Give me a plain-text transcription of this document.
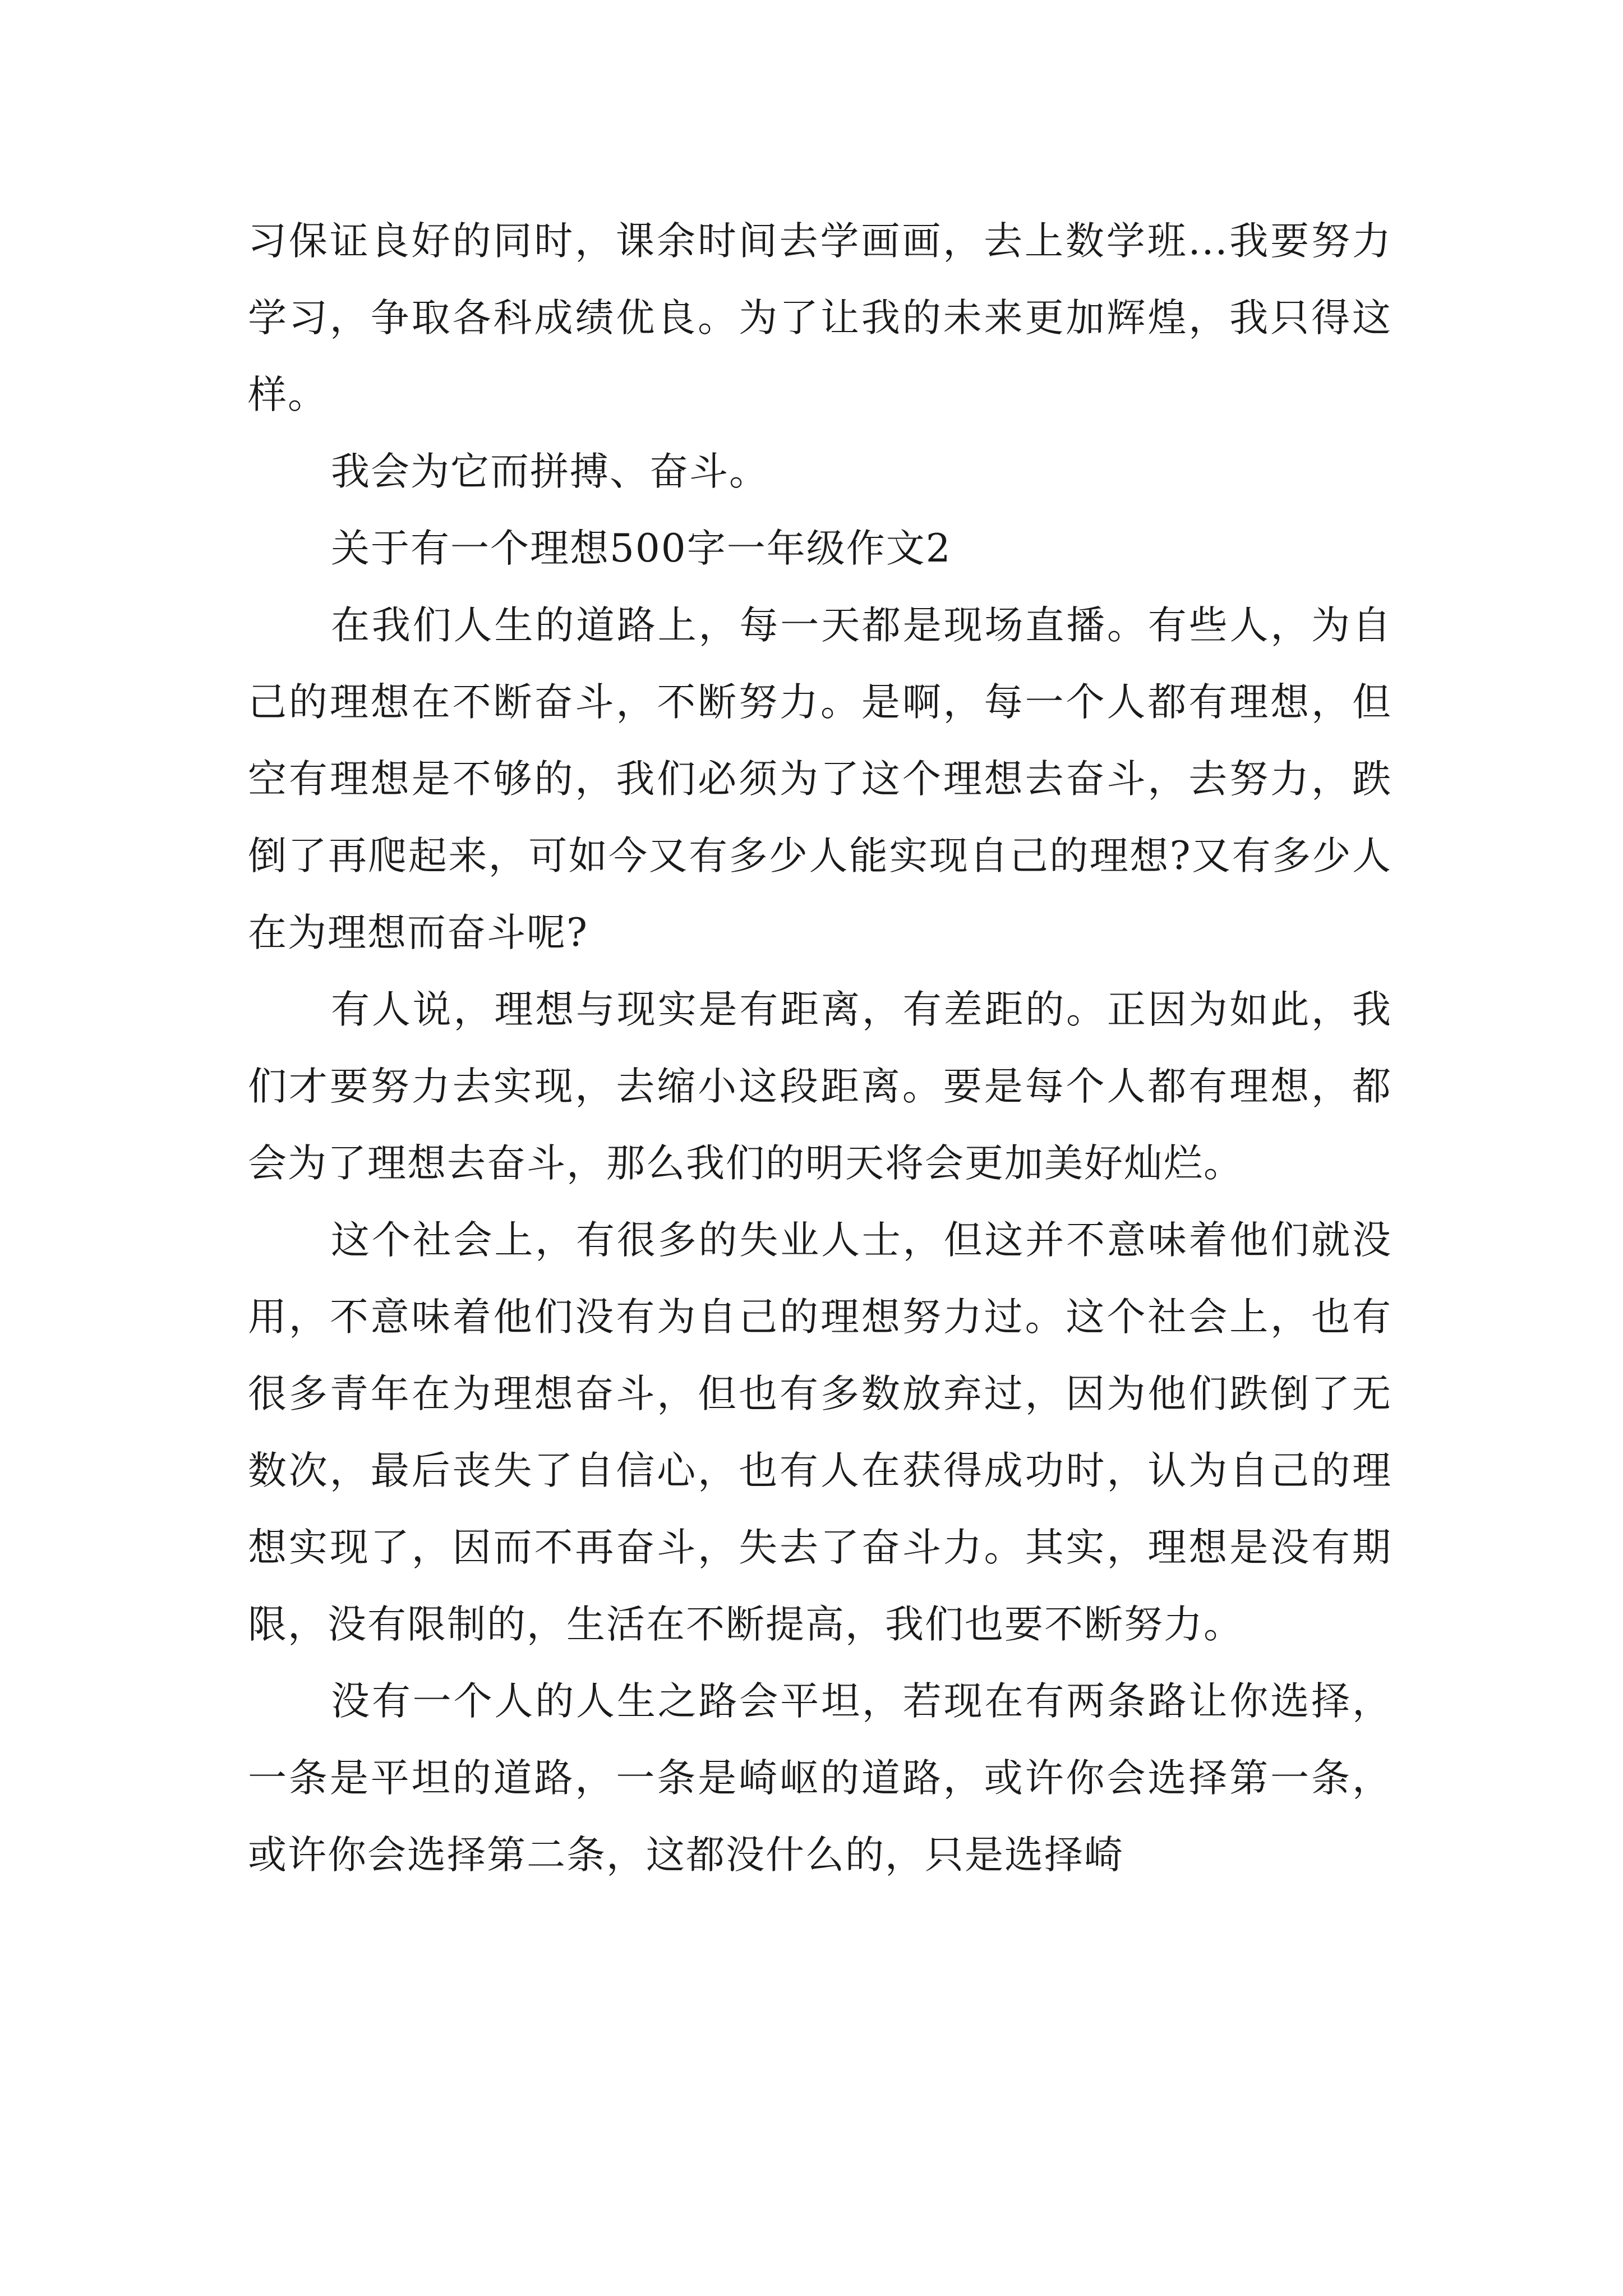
习保证良好的同时，课余时间去学画画，去上数学班...我要努力学习，争取各科成绩优良。为了让我的未来更加辉煌，我只得这样。

我会为它而拼搏、奋斗。

关于有一个理想500字一年级作文2

在我们人生的道路上，每一天都是现场直播。有些人，为自己的理想在不断奋斗，不断努力。是啊，每一个人都有理想，但空有理想是不够的，我们必须为了这个理想去奋斗，去努力，跌倒了再爬起来，可如今又有多少人能实现自己的理想?又有多少人在为理想而奋斗呢?

有人说，理想与现实是有距离，有差距的。正因为如此，我们才要努力去实现，去缩小这段距离。要是每个人都有理想，都会为了理想去奋斗，那么我们的明天将会更加美好灿烂。

这个社会上，有很多的失业人士，但这并不意味着他们就没用，不意味着他们没有为自己的理想努力过。这个社会上，也有很多青年在为理想奋斗，但也有多数放弃过，因为他们跌倒了无数次，最后丧失了自信心，也有人在获得成功时，认为自己的理想实现了，因而不再奋斗，失去了奋斗力。其实，理想是没有期限，没有限制的，生活在不断提高，我们也要不断努力。

没有一个人的人生之路会平坦，若现在有两条路让你选择，一条是平坦的道路，一条是崎岖的道路，或许你会选择第一条，或许你会选择第二条，这都没什么的，只是选择崎
